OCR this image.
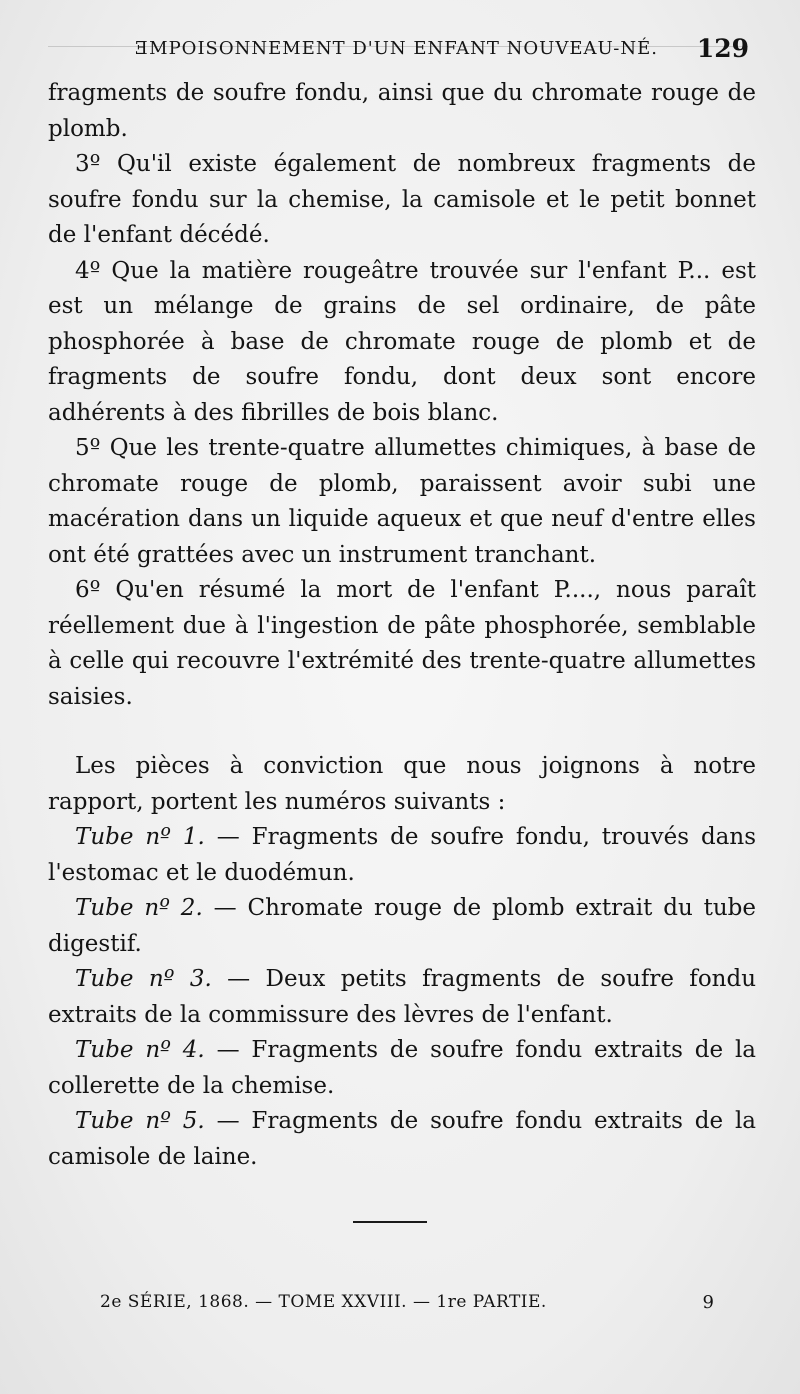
ƎMPOISONNEMENT D'UN ENFANT NOUVEAU-NÉ. 129

fragments de soufre fondu, ainsi que du chromate rouge de plomb.

3º Qu'il existe également de nombreux fragments de soufre fondu sur la chemise, la camisole et le petit bonnet de l'enfant décédé.

4º Que la matière rougeâtre trouvée sur l'enfant P... est est un mélange de grains de sel ordinaire, de pâte phosphorée à base de chromate rouge de plomb et de fragments de soufre fondu, dont deux sont encore adhérents à des fibrilles de bois blanc.

5º Que les trente-quatre allumettes chimiques, à base de chromate rouge de plomb, paraissent avoir subi une macération dans un liquide aqueux et que neuf d'entre elles ont été grattées avec un instrument tranchant.

6º Qu'en résumé la mort de l'enfant P...., nous paraît réellement due à l'ingestion de pâte phosphorée, semblable à celle qui recouvre l'extrémité des trente-quatre allumettes saisies.

Les pièces à conviction que nous joignons à notre rapport, portent les numéros suivants :

Tube nº 1. — Fragments de soufre fondu, trouvés dans l'estomac et le duodémun.

Tube nº 2. — Chromate rouge de plomb extrait du tube digestif.

Tube nº 3. — Deux petits fragments de soufre fondu extraits de la commissure des lèvres de l'enfant.

Tube nº 4. — Fragments de soufre fondu extraits de la collerette de la chemise.

Tube nº 5. — Fragments de soufre fondu extraits de la camisole de laine.

2e SÉRIE, 1868. — TOME XXVIII. — 1re PARTIE.	9
